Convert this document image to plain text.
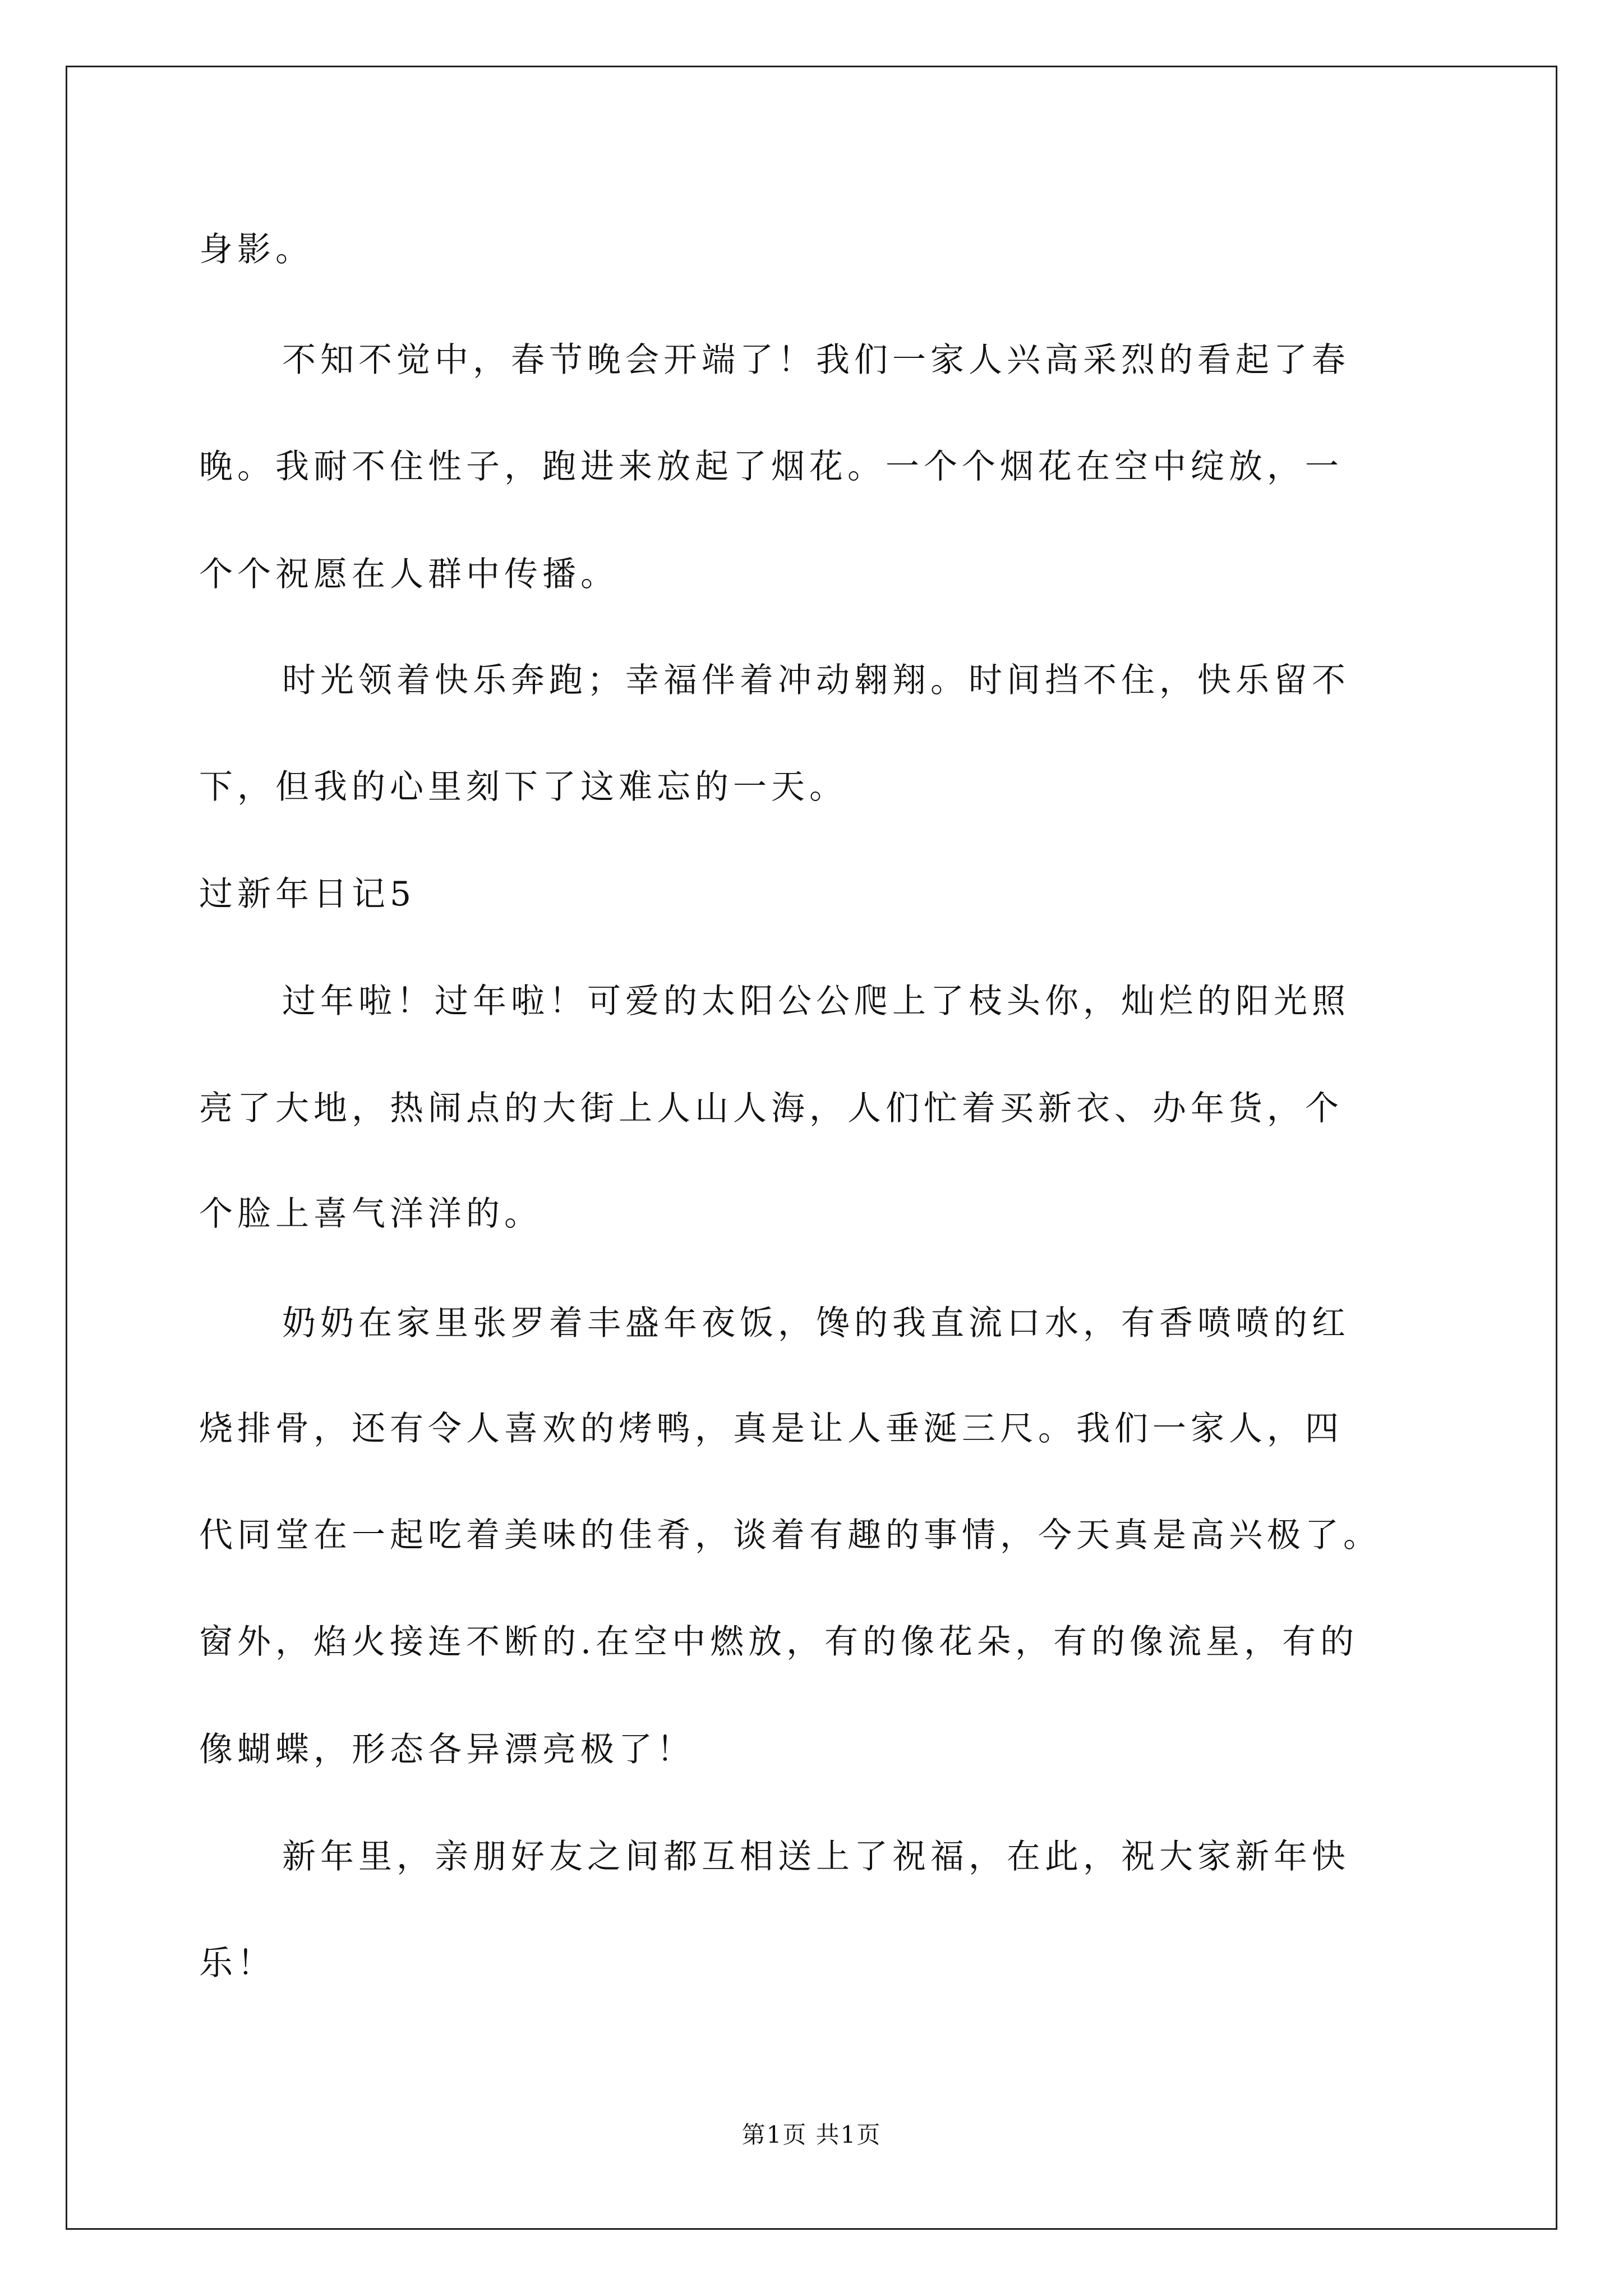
身影。
不知不觉中，春节晚会开端了！我们一家人兴高采烈的看起了春
晚。我耐不住性子，跑进来放起了烟花。一个个烟花在空中绽放，一
个个祝愿在人群中传播。
时光领着快乐奔跑；幸福伴着冲动翱翔。时间挡不住，快乐留不
下，但我的心里刻下了这难忘的一天。
过新年日记5
过年啦！过年啦！可爱的太阳公公爬上了枝头你，灿烂的阳光照
亮了大地，热闹点的大街上人山人海，人们忙着买新衣、办年货，个
个脸上喜气洋洋的。
奶奶在家里张罗着丰盛年夜饭，馋的我直流口水，有香喷喷的红
烧排骨，还有令人喜欢的烤鸭，真是让人垂涎三尺。我们一家人，四
代同堂在一起吃着美味的佳肴，谈着有趣的事情，今天真是高兴极了。
窗外，焰火接连不断的.在空中燃放，有的像花朵，有的像流星，有的
像蝴蝶，形态各异漂亮极了！
新年里，亲朋好友之间都互相送上了祝福，在此，祝大家新年快
乐！
第1页 共1页
